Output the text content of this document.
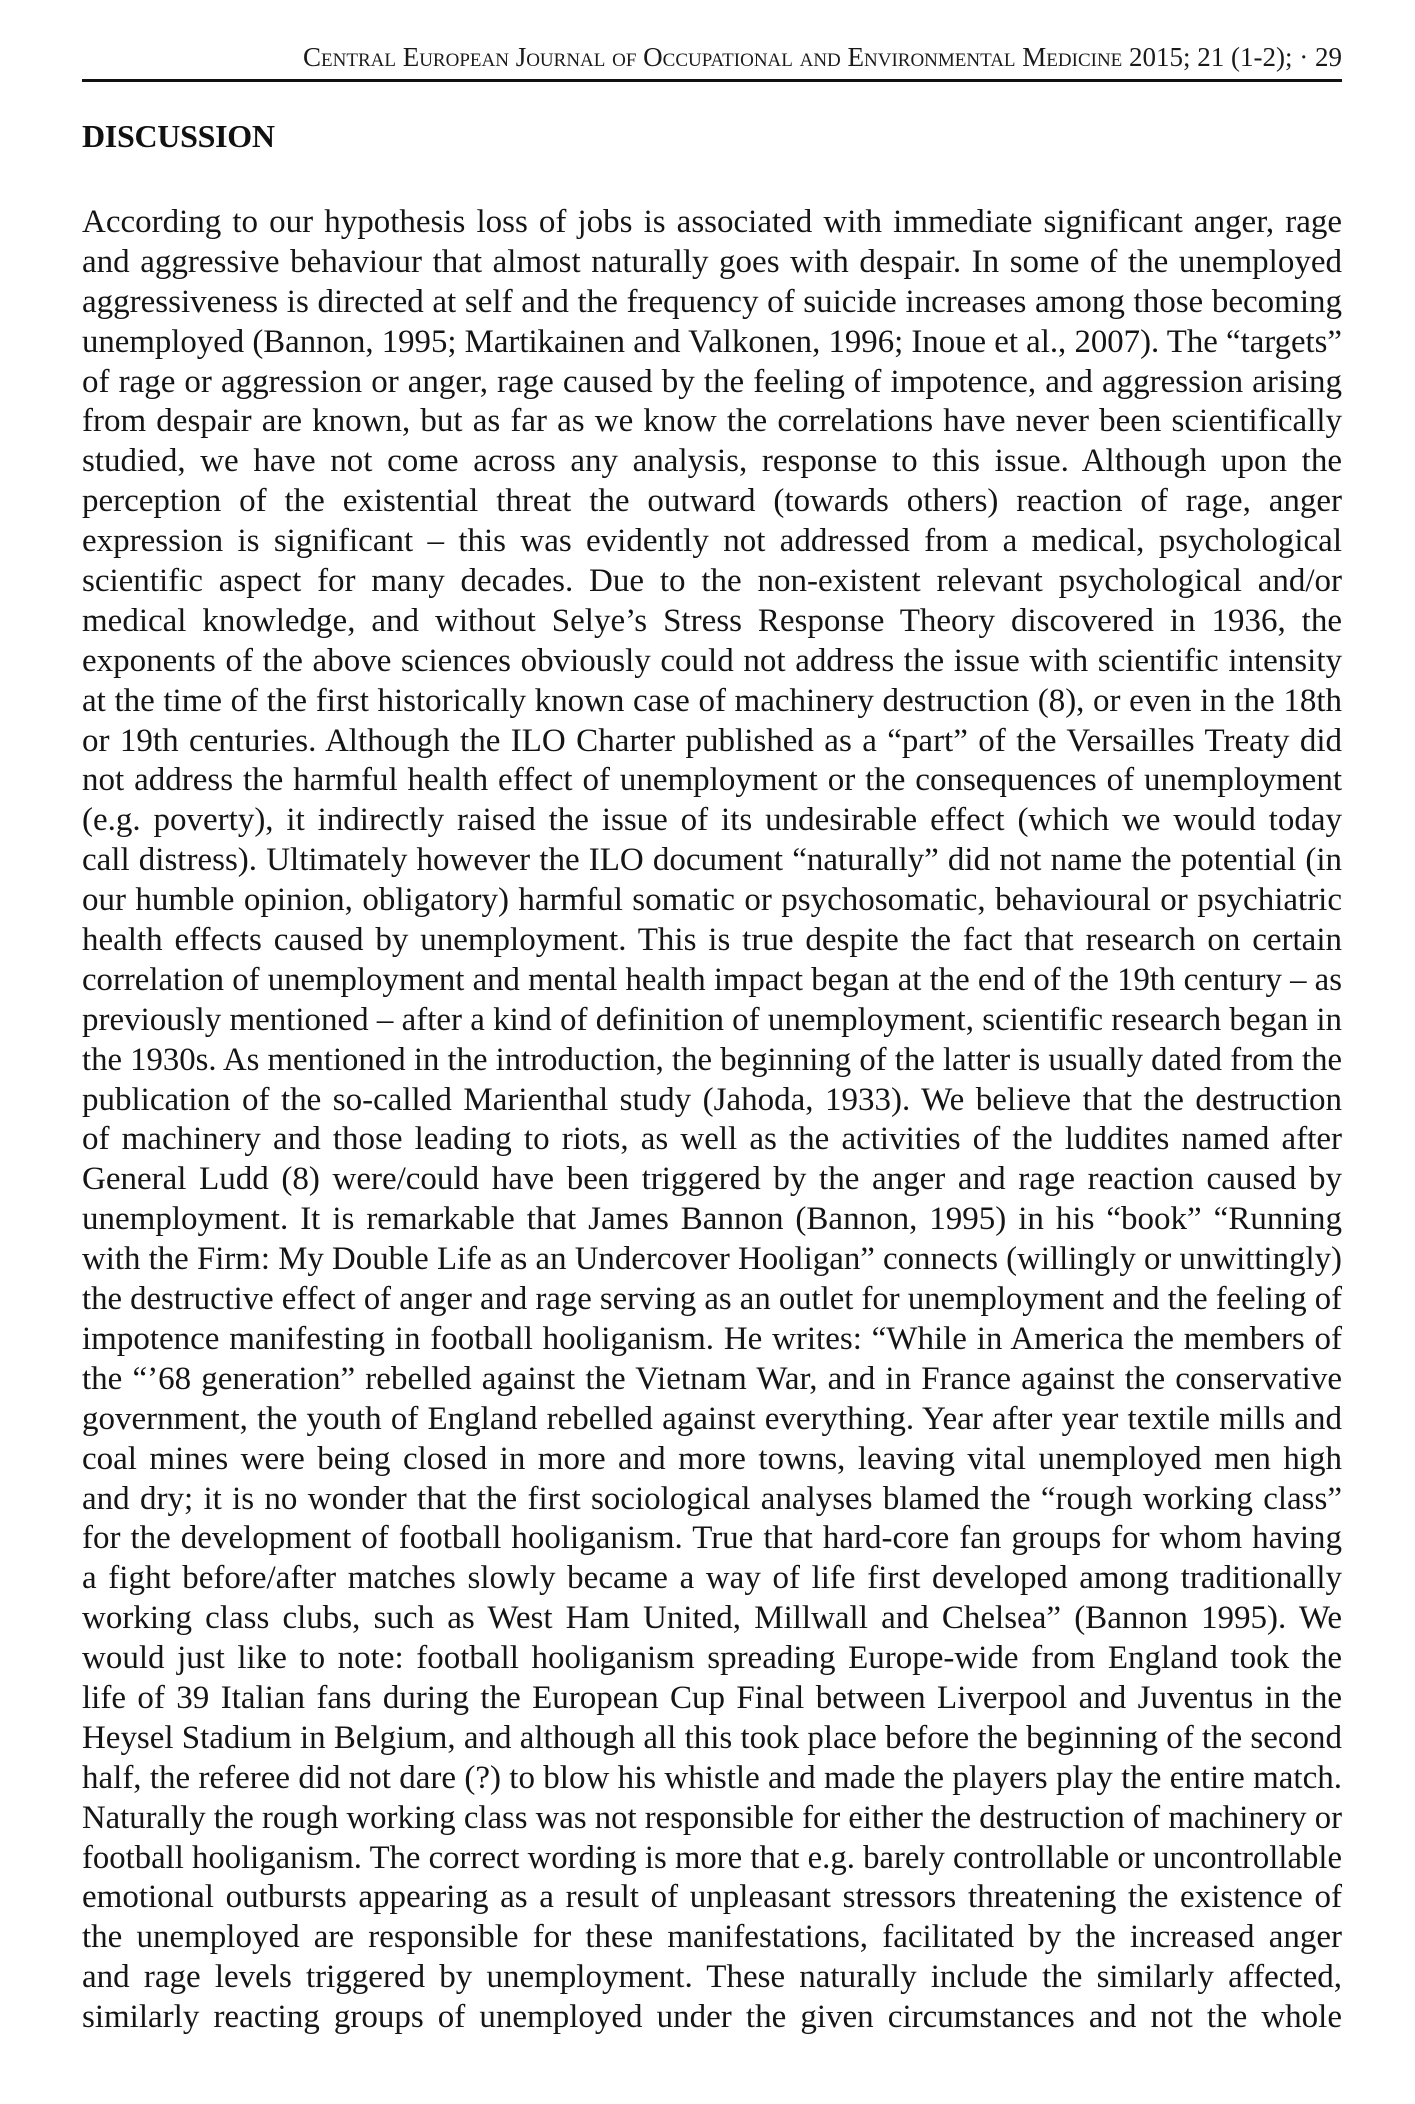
Central European Journal of Occupational and Environmental Medicine 2015; 21 (1-2); · 29
DISCUSSION
According to our hypothesis loss of jobs is associated with immediate significant anger, rage
and aggressive behaviour that almost naturally goes with despair. In some of the unemployed
aggressiveness is directed at self and the frequency of suicide increases among those becoming
unemployed (Bannon, 1995; Martikainen and Valkonen, 1996; Inoue et al., 2007). The “targets”
of rage or aggression or anger, rage caused by the feeling of impotence, and aggression arising
from despair are known, but as far as we know the correlations have never been scientifically
studied, we have not come across any analysis, response to this issue. Although upon the
perception of the existential threat the outward (towards others) reaction of rage, anger
expression is significant – this was evidently not addressed from a medical, psychological
scientific aspect for many decades. Due to the non-existent relevant psychological and/or
medical knowledge, and without Selye’s Stress Response Theory discovered in 1936, the
exponents of the above sciences obviously could not address the issue with scientific intensity
at the time of the first historically known case of machinery destruction (8), or even in the 18th
or 19th centuries. Although the ILO Charter published as a “part” of the Versailles Treaty did
not address the harmful health effect of unemployment or the consequences of unemployment
(e.g. poverty), it indirectly raised the issue of its undesirable effect (which we would today
call distress). Ultimately however the ILO document “naturally” did not name the potential (in
our humble opinion, obligatory) harmful somatic or psychosomatic, behavioural or psychiatric
health effects caused by unemployment. This is true despite the fact that research on certain
correlation of unemployment and mental health impact began at the end of the 19th century – as
previously mentioned – after a kind of definition of unemployment, scientific research began in
the 1930s. As mentioned in the introduction, the beginning of the latter is usually dated from the
publication of the so-called Marienthal study (Jahoda, 1933). We believe that the destruction
of machinery and those leading to riots, as well as the activities of the luddites named after
General Ludd (8) were/could have been triggered by the anger and rage reaction caused by
unemployment. It is remarkable that James Bannon (Bannon, 1995) in his “book” “Running
with the Firm: My Double Life as an Undercover Hooligan” connects (willingly or unwittingly)
the destructive effect of anger and rage serving as an outlet for unemployment and the feeling of
impotence manifesting in football hooliganism. He writes: “While in America the members of
the “’68 generation” rebelled against the Vietnam War, and in France against the conservative
government, the youth of England rebelled against everything. Year after year textile mills and
coal mines were being closed in more and more towns, leaving vital unemployed men high
and dry; it is no wonder that the first sociological analyses blamed the “rough working class”
for the development of football hooliganism. True that hard-core fan groups for whom having
a fight before/after matches slowly became a way of life first developed among traditionally
working class clubs, such as West Ham United, Millwall and Chelsea” (Bannon 1995). We
would just like to note: football hooliganism spreading Europe-wide from England took the
life of 39 Italian fans during the European Cup Final between Liverpool and Juventus in the
Heysel Stadium in Belgium, and although all this took place before the beginning of the second
half, the referee did not dare (?) to blow his whistle and made the players play the entire match.
Naturally the rough working class was not responsible for either the destruction of machinery or
football hooliganism. The correct wording is more that e.g. barely controllable or uncontrollable
emotional outbursts appearing as a result of unpleasant stressors threatening the existence of
the unemployed are responsible for these manifestations, facilitated by the increased anger
and rage levels triggered by unemployment. These naturally include the similarly affected,
similarly reacting groups of unemployed under the given circumstances and not the whole
